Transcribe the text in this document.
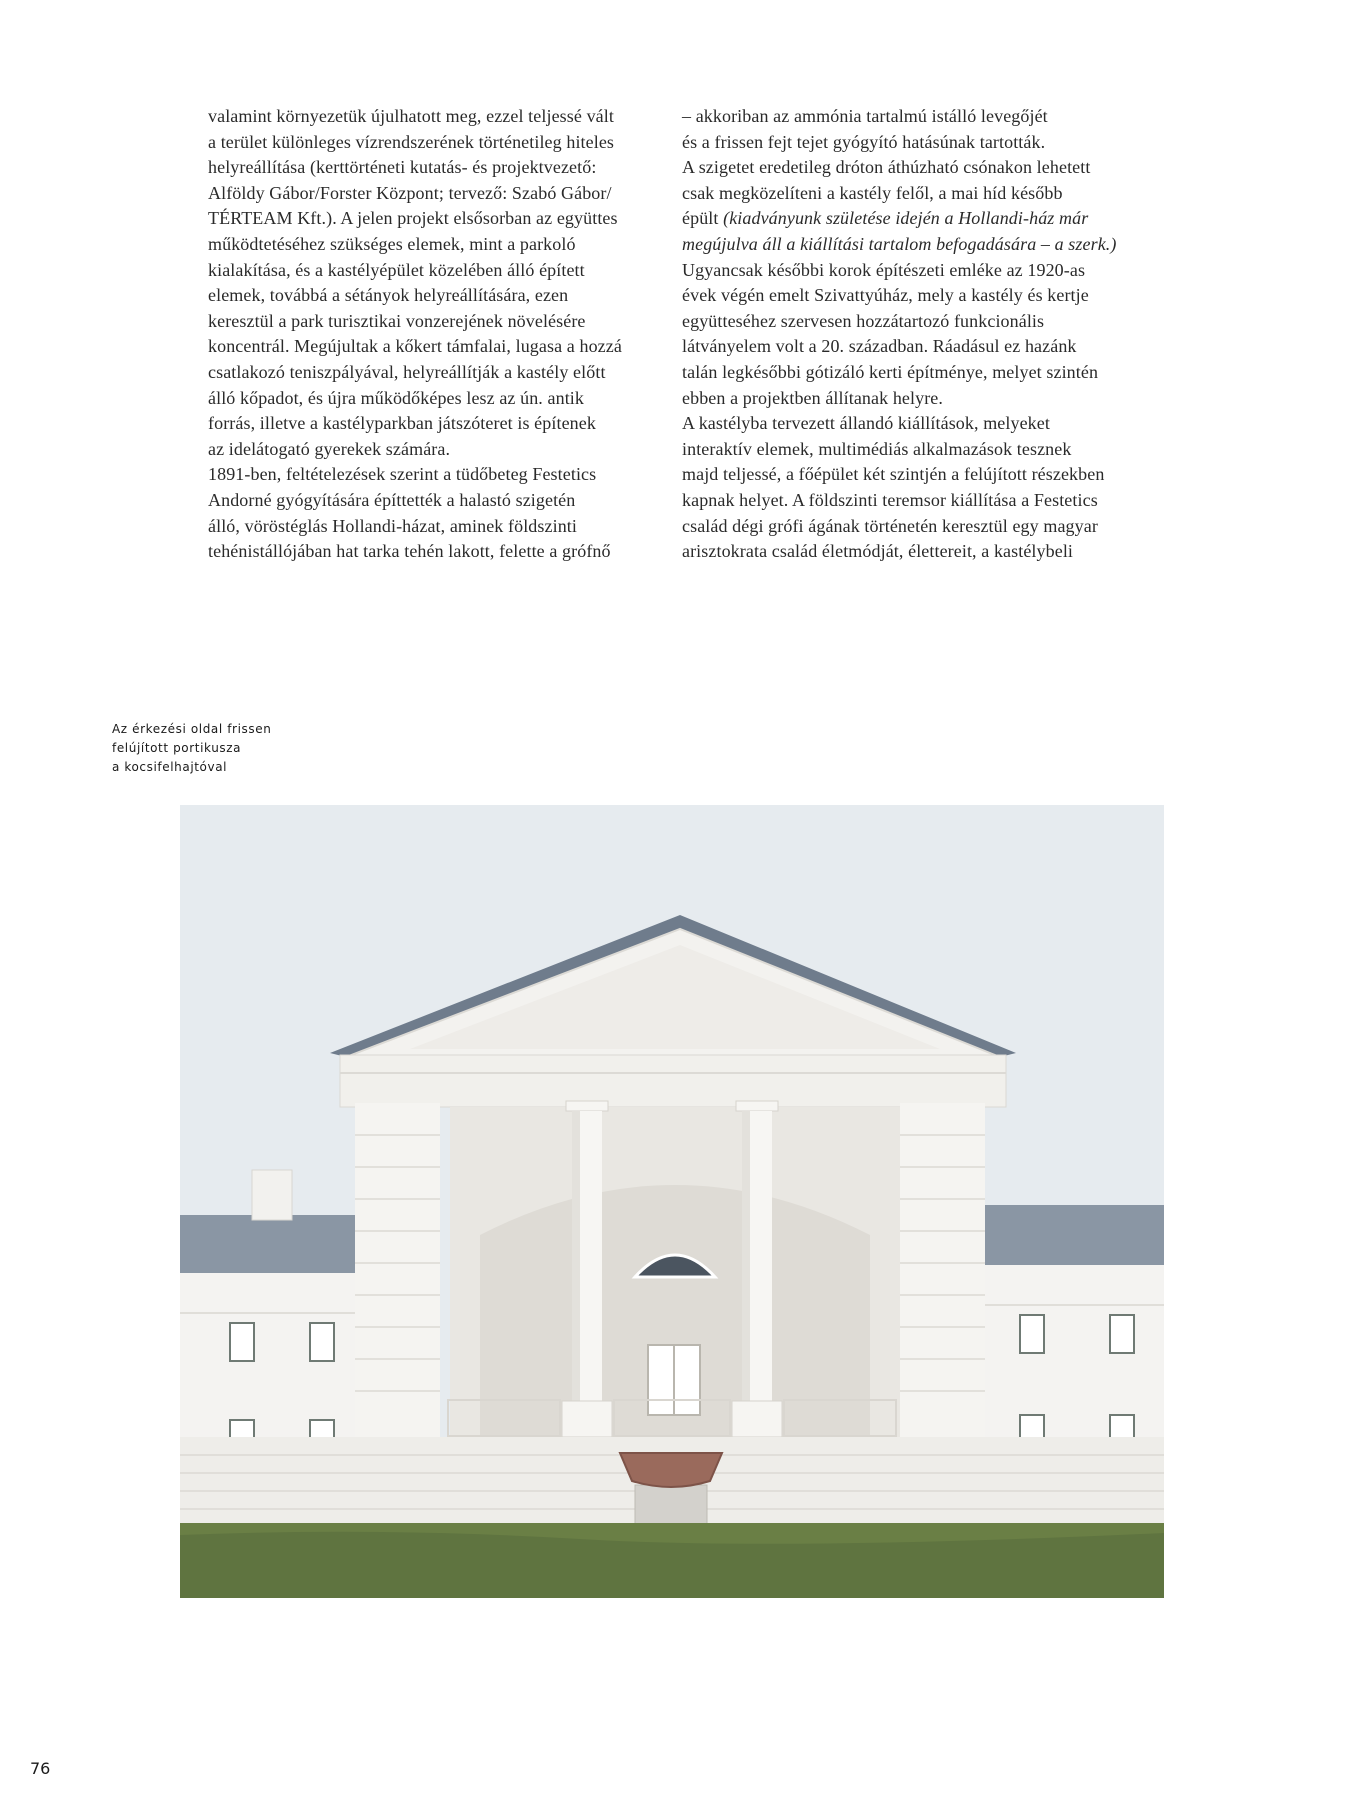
valamint környezetük újulhatott meg, ezzel teljessé vált
a terület különleges vízrendszerének történetileg hiteles
helyreállítása (kerttörténeti kutatás- és projektvezető:
Alföldy Gábor/Forster Központ; tervező: Szabó Gábor/
TÉRTEAM Kft.). A jelen projekt elsősorban az együttes
működtetéséhez szükséges elemek, mint a parkoló
kialakítása, és a kastélyépület közelében álló épített
elemek, továbbá a sétányok helyreállítására, ezen
keresztül a park turisztikai vonzerejének növelésére
koncentrál. Megújultak a kőkert támfalai, lugasa a hozzá
csatlakozó teniszpályával, helyreállítják a kastély előtt
álló kőpadot, és újra működőképes lesz az ún. antik
forrás, illetve a kastélyparkban játszóteret is építenek
az idelátogató gyerekek számára.
1891-ben, feltételezések szerint a tüdőbeteg Festetics
Andorné gyógyítására építtették a halastó szigetén
álló, vöröstéglás Hollandi-házat, aminek földszinti
tehénistállójában hat tarka tehén lakott, felette a grófnő
– akkoriban az ammónia tartalmú istálló levegőjét
és a frissen fejt tejet gyógyító hatásúnak tartották.
A szigetet eredetileg dróton áthúzható csónakon lehetett
csak megközelíteni a kastély felől, a mai híd később
épült (kiadványunk születése idején a Hollandi-ház már
megújulva áll a kiállítási tartalom befogadására – a szerk.)
Ugyancsak későbbi korok építészeti emléke az 1920-as
évek végén emelt Szivattyúház, mely a kastély és kertje
együtteséhez szervesen hozzátartozó funkcionális
látványelem volt a 20. században. Ráadásul ez hazánk
talán legkésőbbi gótizáló kerti építménye, melyet szintén
ebben a projektben állítanak helyre.
A kastélyba tervezett állandó kiállítások, melyeket
interaktív elemek, multimédiás alkalmazások tesznek
majd teljessé, a főépület két szintjén a felújított részekben
kapnak helyet. A földszinti teremsor kiállítása a Festetics
család dégi grófi ágának történetén keresztül egy magyar
arisztokrata család életmódját, élettereit, a kastélybeli
Az érkezési oldal frissen
felújított portikusza
a kocsifelhajtóval
76
